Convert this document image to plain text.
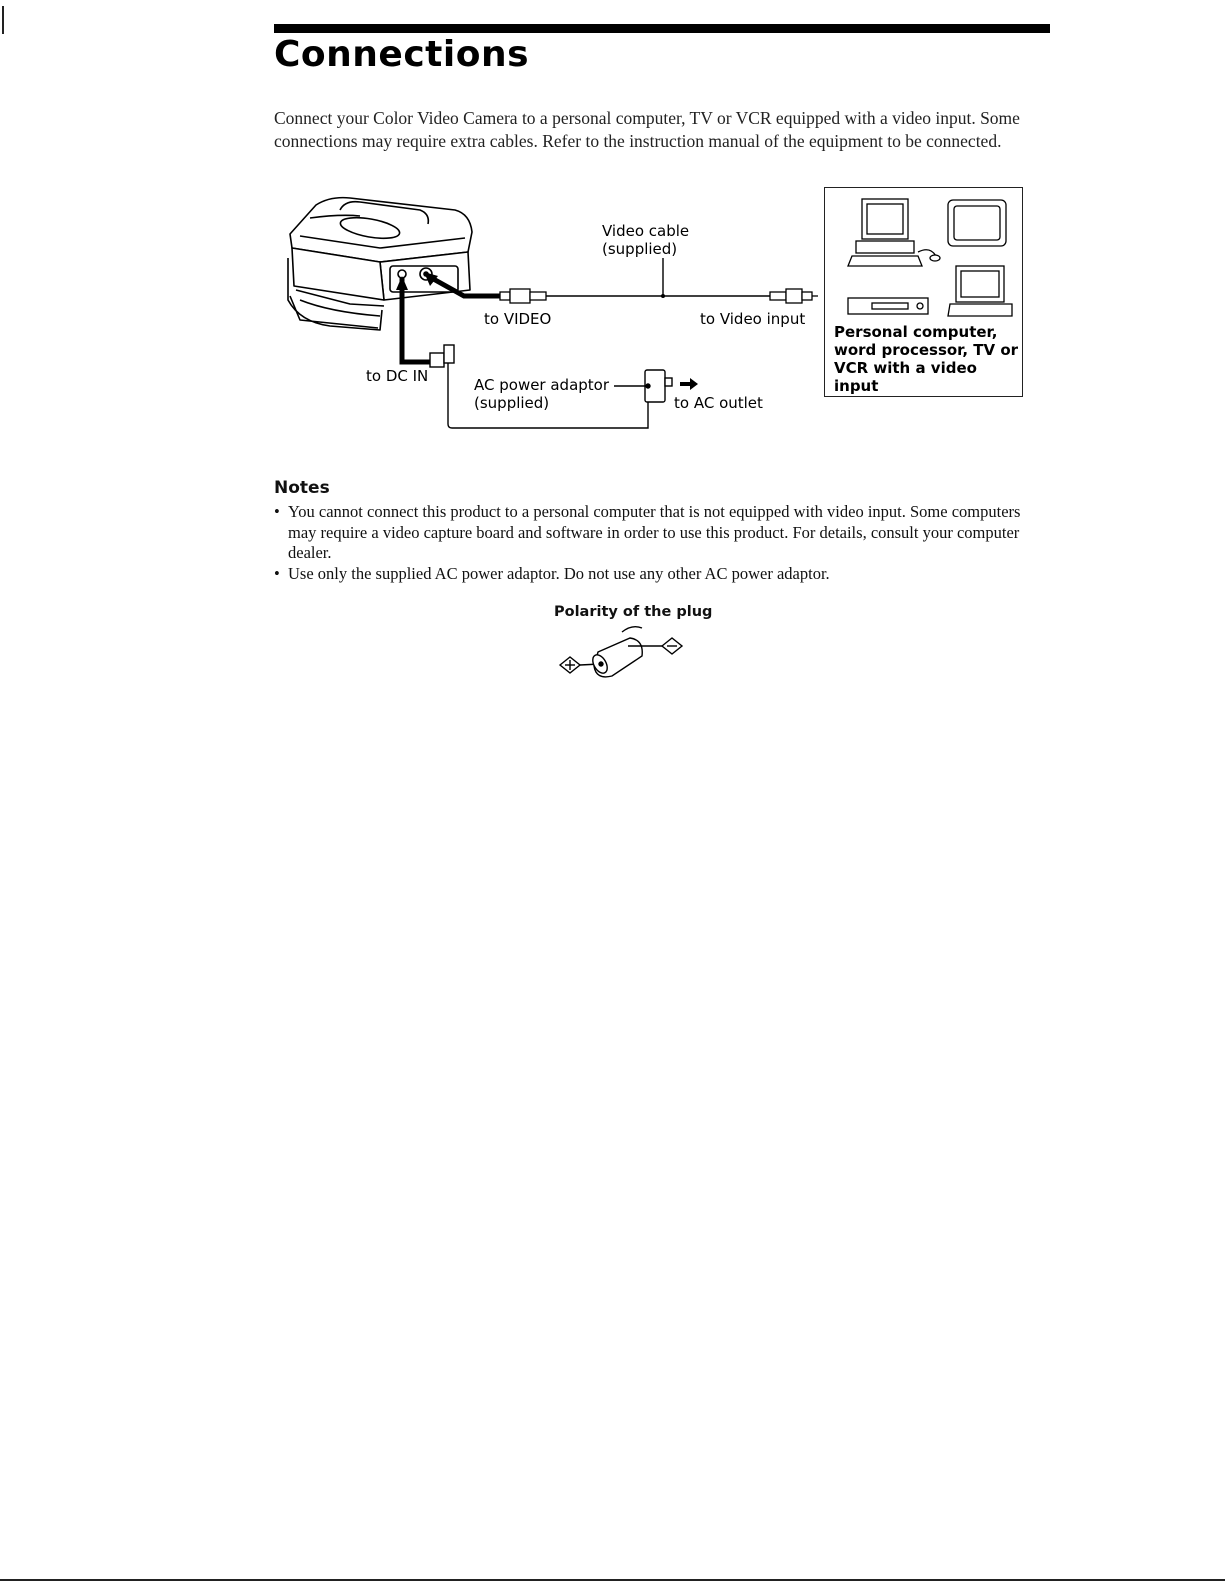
Connections

Connect your Color Video Camera to a personal computer, TV or VCR equipped with a video input. Some connections may require extra cables. Refer to the instruction manual of the equipment to be connected.

Video cable
(supplied)
to VIDEO	to Video input
to DC IN	AC power adaptor
(supplied)	to AC outlet

Personal computer, word processor, TV or VCR with a video input

Notes
• You cannot connect this product to a personal computer that is not equipped with video input. Some computers may require a video capture board and software in order to use this product. For details, consult your computer dealer.
• Use only the supplied AC power adaptor. Do not use any other AC power adaptor.

Polarity of the plug
